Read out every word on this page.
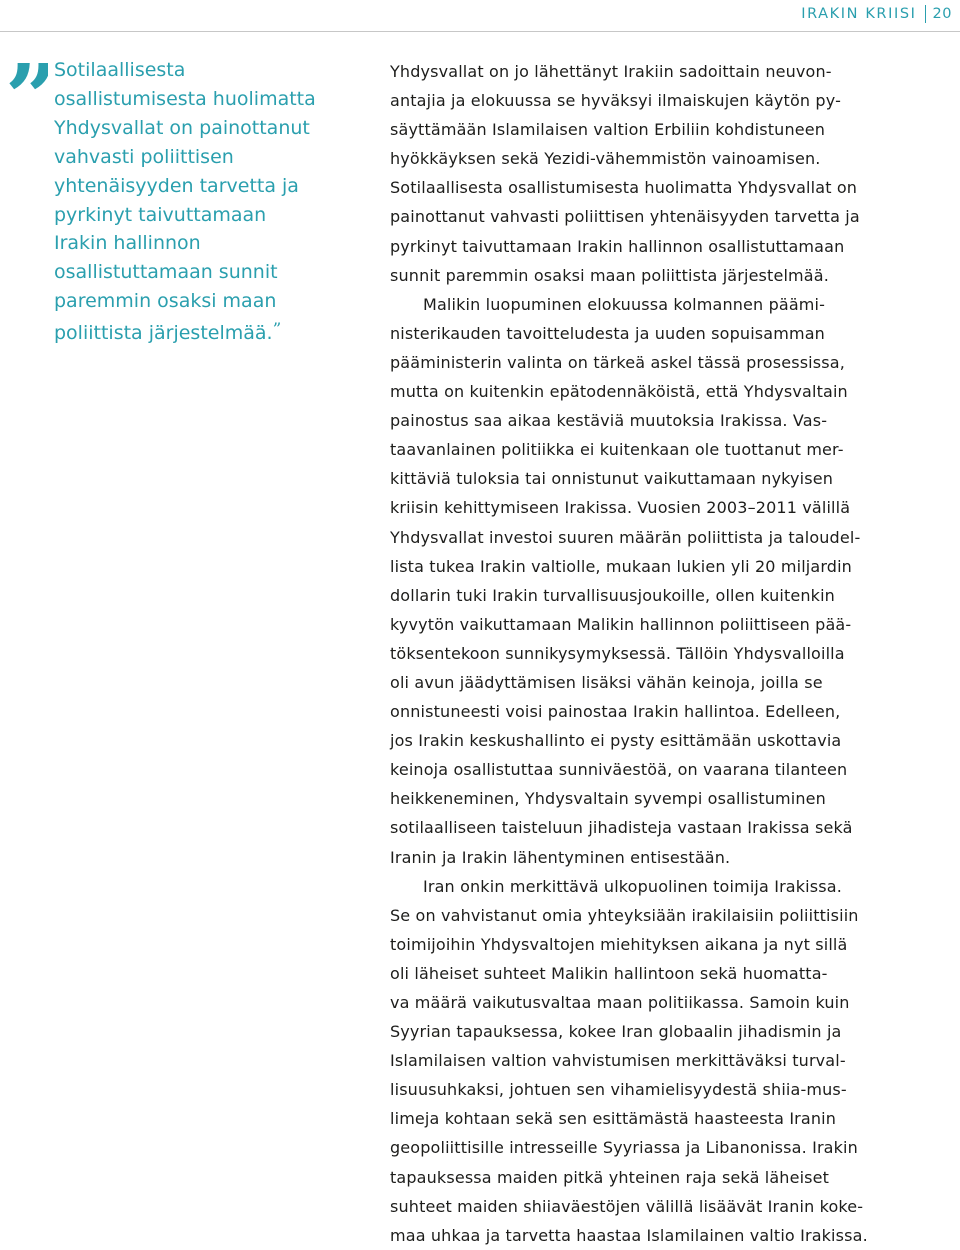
IRAKIN KRIISI 20
” Sotilaallisesta
osallistumisesta huolimatta
Yhdysvallat on painottanut
vahvasti poliittisen
yhtenäisyyden tarvetta ja
pyrkinyt taivuttamaan
Irakin hallinnon
osallistuttamaan sunnit
paremmin osaksi maan
poliittista järjestelmää.”
Yhdysvallat on jo lähettänyt Irakiin sadoittain neuvon-
antajia ja elokuussa se hyväksyi ilmaiskujen käytön py-
säyttämään Islamilaisen valtion Erbiliin kohdistuneen
hyökkäyksen sekä Yezidi-vähemmistön vainoamisen.
Sotilaallisesta osallistumisesta huolimatta Yhdysvallat on
painottanut vahvasti poliittisen yhtenäisyyden tarvetta ja
pyrkinyt taivuttamaan Irakin hallinnon osallistuttamaan
sunnit paremmin osaksi maan poliittista järjestelmää.
Malikin luopuminen elokuussa kolmannen päämi-
nisterikauden tavoitteludesta ja uuden sopuisamman
pääministerin valinta on tärkeä askel tässä prosessissa,
mutta on kuitenkin epätodennäköistä, että Yhdysvaltain
painostus saa aikaa kestäviä muutoksia Irakissa. Vas-
taavanlainen politiikka ei kuitenkaan ole tuottanut mer-
kittäviä tuloksia tai onnistunut vaikuttamaan nykyisen
kriisin kehittymiseen Irakissa. Vuosien 2003–2011 välillä
Yhdysvallat investoi suuren määrän poliittista ja taloudel-
lista tukea Irakin valtiolle, mukaan lukien yli 20 miljardin
dollarin tuki Irakin turvallisuusjoukoille, ollen kuitenkin
kyvytön vaikuttamaan Malikin hallinnon poliittiseen pää-
töksentekoon sunnikysymyksessä. Tällöin Yhdysvalloilla
oli avun jäädyttämisen lisäksi vähän keinoja, joilla se
onnistuneesti voisi painostaa Irakin hallintoa. Edelleen,
jos Irakin keskushallinto ei pysty esittämään uskottavia
keinoja osallistuttaa sunniväestöä, on vaarana tilanteen
heikkeneminen, Yhdysvaltain syvempi osallistuminen
sotilaalliseen taisteluun jihadisteja vastaan Irakissa sekä
Iranin ja Irakin lähentyminen entisestään.
Iran onkin merkittävä ulkopuolinen toimija Irakissa.
Se on vahvistanut omia yhteyksiään irakilaisiin poliittisiin
toimijoihin Yhdysvaltojen miehityksen aikana ja nyt sillä
oli läheiset suhteet Malikin hallintoon sekä huomatta-
va määrä vaikutusvaltaa maan politiikassa. Samoin kuin
Syyrian tapauksessa, kokee Iran globaalin jihadismin ja
Islamilaisen valtion vahvistumisen merkittäväksi turval-
lisuusuhkaksi, johtuen sen vihamielisyydestä shiia-mus-
limeja kohtaan sekä sen esittämästä haasteesta Iranin
geopoliittisille intresseille Syyriassa ja Libanonissa. Irakin
tapauksessa maiden pitkä yhteinen raja sekä läheiset
suhteet maiden shiiaväestöjen välillä lisäävät Iranin koke-
maa uhkaa ja tarvetta haastaa Islamilainen valtio Irakissa.
